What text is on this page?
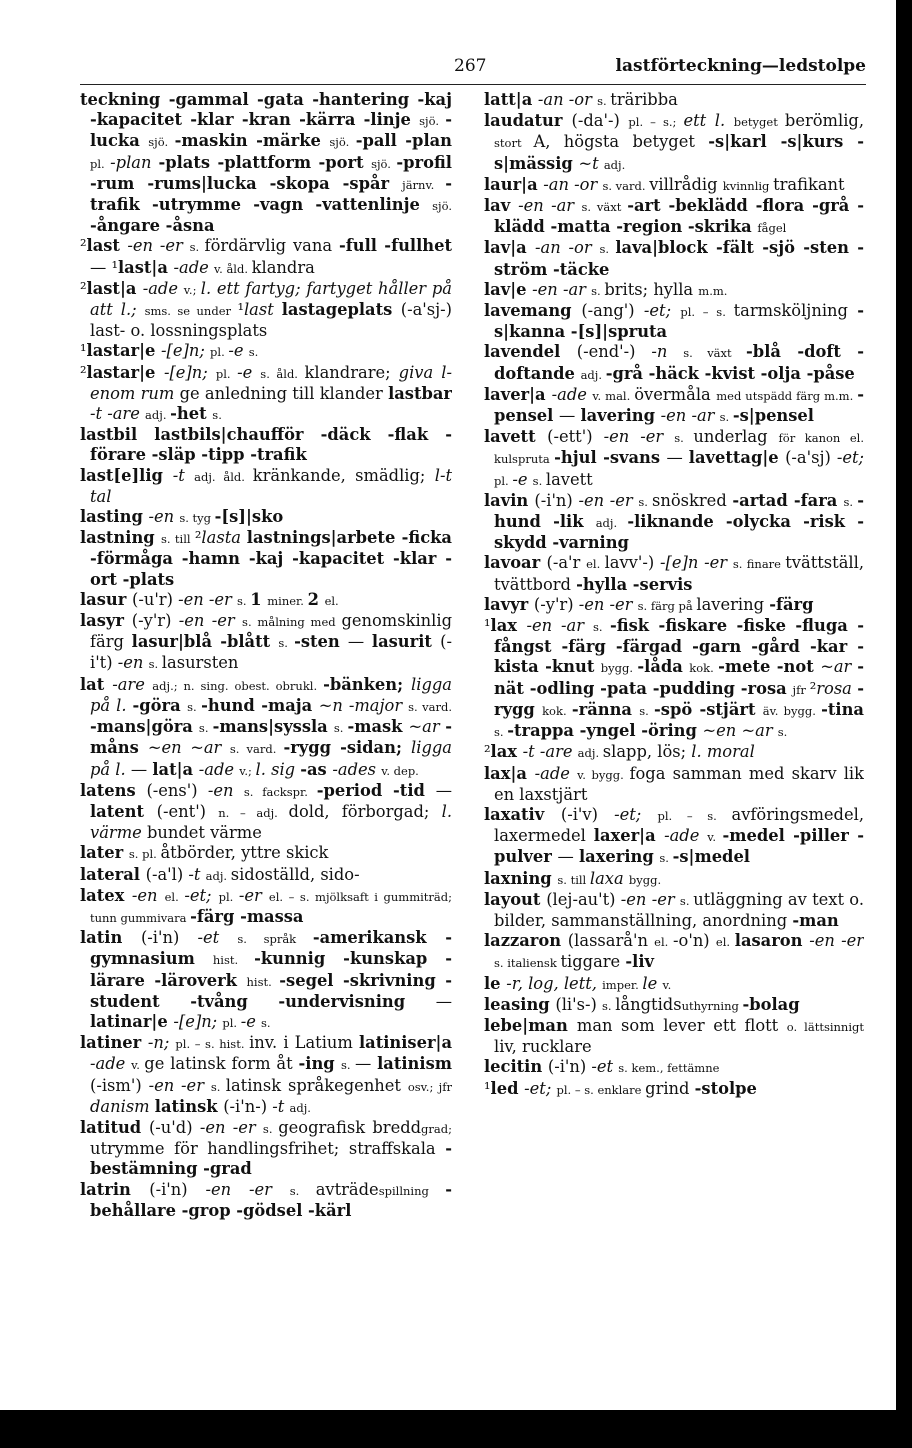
267	lastförteckning—ledstolpe

teckning -gammal -gata -hantering -kaj -kapacitet -klar -kran -kärra -linje sjö. -lucka sjö. -maskin -märke sjö. -pall -plan pl. -plan -plats -plattform -port sjö. -profil -rum -rums|lucka -skopa -spår järnv. -trafik -utrymme -vagn -vattenlinje sjö. -ångare -åsna

²last -en -er s. fördärvlig vana -full -fullhet — ¹last|a -ade v. åld. klandra

²last|a -ade v.; l. ett fartyg; fartyget håller på att l.; sms. se under ¹last lastageplats (-a'sj-) last- o. lossningsplats

¹lastar|e -[e]n; pl. -e s.

²lastar|e -[e]n; pl. -e s. åld. klandrare; giva l-enom rum ge anledning till klander lastbar -t -are adj. -het s.

lastbil lastbils|chaufför -däck -flak -förare -släp -tipp -trafik

last[e]lig -t adj. åld. kränkande, smädlig; l-t tal

lasting -en s. tyg -[s]|sko

lastning s. till ²lasta lastnings|arbete -ficka -förmåga -hamn -kaj -kapacitet -klar -ort -plats

lasur (-u'r) -en -er s. 1 miner. 2 el.

lasyr (-y'r) -en -er s. målning med genomskinlig färg lasur|blå -blått s. -sten — lasurit (-i't) -en s. lasursten

lat -are adj.; n. sing. obest. obrukl. -bänken; ligga på l. -göra s. -hund -maja ~n -major s. vard. -mans|göra s. -mans|syssla s. -mask ~ar -måns ~en ~ar s. vard. -rygg -sidan; ligga på l. — lat|a -ade v.; l. sig -as -ades v. dep.

latens (-ens') -en s. fackspr. -period -tid — latent (-ent') n. – adj. dold, förborgad; l. värme bundet värme

later s. pl. åtbörder, yttre skick

lateral (-a'l) -t adj. sidoställd, sido-

latex -en el. -et; pl. -er el. – s. mjölksaft i gummiträd; tunn gummivara -färg -massa

latin (-i'n) -et s. språk -amerikansk -gymnasium hist. -kunnig -kunskap -lärare -läroverk hist. -segel -skrivning -student -tvång -undervisning — latinar|e -[e]n; pl. -e s.

latiner -n; pl. – s. hist. inv. i Latium latiniser|a -ade v. ge latinsk form åt -ing s. — latinism (-ism') -en -er s. latinsk språkegenhet osv.; jfr danism latinsk (-i'n-) -t adj.

latitud (-u'd) -en -er s. geografisk breddgrad; utrymme för handlingsfrihet; straffskala -bestämning -grad

latrin (-i'n) -en -er s. avträdespillning -behållare -grop -gödsel -kärl

latt|a -an -or s. träribba

laudatur (-da'-) pl. – s.; ett l. betyget berömlig, stort A, högsta betyget -s|karl -s|kurs -s|mässig ~t adj.

laur|a -an -or s. vard. villrådig kvinnlig trafikant

lav -en -ar s. växt -art -beklädd -flora -grå -klädd -matta -region -skrika fågel

lav|a -an -or s. lava|block -fält -sjö -sten -ström -täcke

lav|e -en -ar s. brits; hylla m.m.

lavemang (-ang') -et; pl. – s. tarmsköljning -s|kanna -[s]|spruta

lavendel (-end'-) -n s. växt -blå -doft -doftande adj. -grå -häck -kvist -olja -påse

laver|a -ade v. mal. övermåla med utspädd färg m.m. -pensel — lavering -en -ar s. -s|pensel

lavett (-ett') -en -er s. underlag för kanon el. kulspruta -hjul -svans — lavettag|e (-a'sj) -et; pl. -e s. lavett

lavin (-i'n) -en -er s. snöskred -artad -fara s. -hund -lik adj. -liknande -olycka -risk -skydd -varning

lavoar (-a'r el. lavv'-) -[e]n -er s. finare tvättställ, tvättbord -hylla -servis

lavyr (-y'r) -en -er s. färg på lavering -färg

¹lax -en -ar s. -fisk -fiskare -fiske -fluga -fångst -färg -färgad -garn -gård -kar -kista -knut bygg. -låda kok. -mete -not ~ar -nät -odling -pata -pudding -rosa jfr ²rosa -rygg kok. -ränna s. -spö -stjärt äv. bygg. -tina s. -trappa -yngel -öring ~en ~ar s.

²lax -t -are adj. slapp, lös; l. moral

lax|a -ade v. bygg. foga samman med skarv lik en laxstjärt

laxativ (-i'v) -et; pl. – s. avföringsmedel, laxermedel laxer|a -ade v. -medel -piller -pulver — laxering s. -s|medel

laxning s. till laxa bygg.

layout (lej-au't) -en -er s. utläggning av text o. bilder, sammanställning, anordning -man

lazzaron (lassarå'n el. -o'n) el. lasaron -en -er s. italiensk tiggare -liv

le -r, log, lett, imper. le v.

leasing (li's-) s. långtidsuthyrning -bolag

lebe|man man som lever ett flott o. lättsinnigt liv, rucklare

lecitin (-i'n) -et s. kem., fettämne

¹led -et; pl. – s. enklare grind -stolpe
